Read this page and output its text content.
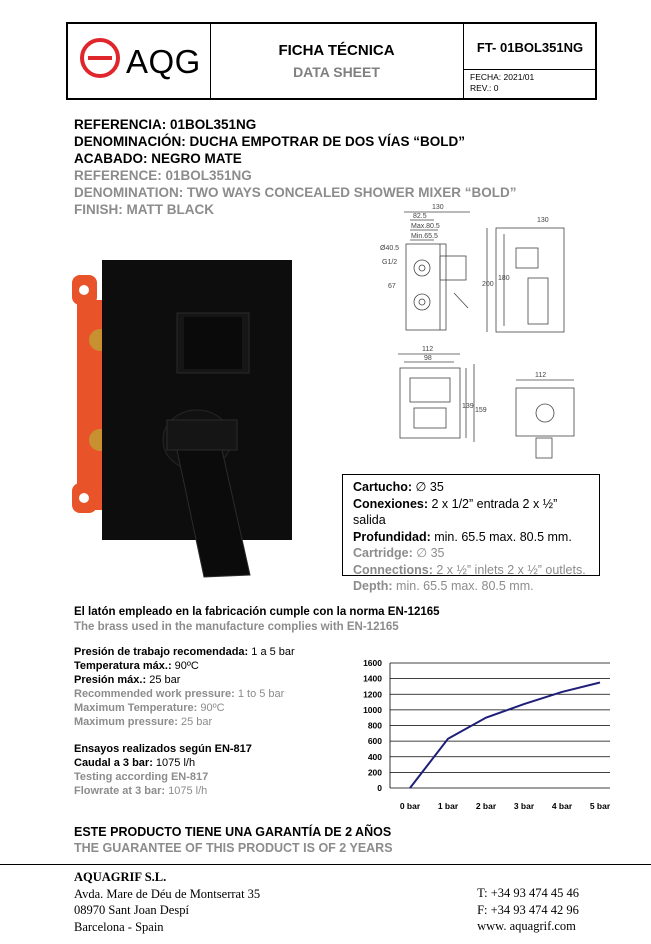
AQG	FICHA TÉCNICA
DATA SHEET
FT- 01BOL351NG
FECHA: 2021/01
REV.: 0
REFERENCIA: 01BOL351NG
DENOMINACIÓN: DUCHA EMPOTRAR DE DOS VÍAS “BOLD”
ACABADO: NEGRO MATE
REFERENCE: 01BOL351NG
DENOMINATION: TWO WAYS CONCEALED SHOWER MIXER “BOLD”
FINISH: MATT BLACK	130
82.5
Max.80.5
Min.65.5
Ø40.5
G1/2
67	200
180
130
112
98
139
159
112
Cartucho: ∅ 35
Conexiones: 2 x 1/2” entrada 2 x ½” salida
Profundidad: min. 65.5 max. 80.5 mm.
Cartridge: ∅ 35
Connections: 2 x ½” inlets 2 x ½” outlets.
Depth: min. 65.5 max. 80.5 mm.
El latón empleado en la fabricación cumple con la norma EN-12165
The brass used in the manufacture complies with EN-12165
Presión de trabajo recomendada: 1 a 5 bar
Temperatura máx.: 90ºC
Presión máx.: 25 bar
Recommended work pressure: 1 to 5 bar
Maximum Temperature: 90ºC
Maximum pressure: 25 bar
Ensayos realizados según EN-817
Caudal a 3 bar: 1075 l/h
Testing according EN-817
Flowrate at 3 bar: 1075 l/h	0
200
400
600
800
1000
1200
1400
1600
0 bar 1 bar 2 bar 3 bar 4 bar 5 bar
ESTE PRODUCTO TIENE UNA GARANTÍA DE 2 AÑOS
THE GUARANTEE OF THIS PRODUCT IS OF 2 YEARS
AQUAGRIF S.L.
Avda. Mare de Déu de Montserrat 35
08970 Sant Joan Despí
Barcelona - Spain
T: +34 93 474 45 46
F: +34 93 474 42 96
www. aquagrif.com
